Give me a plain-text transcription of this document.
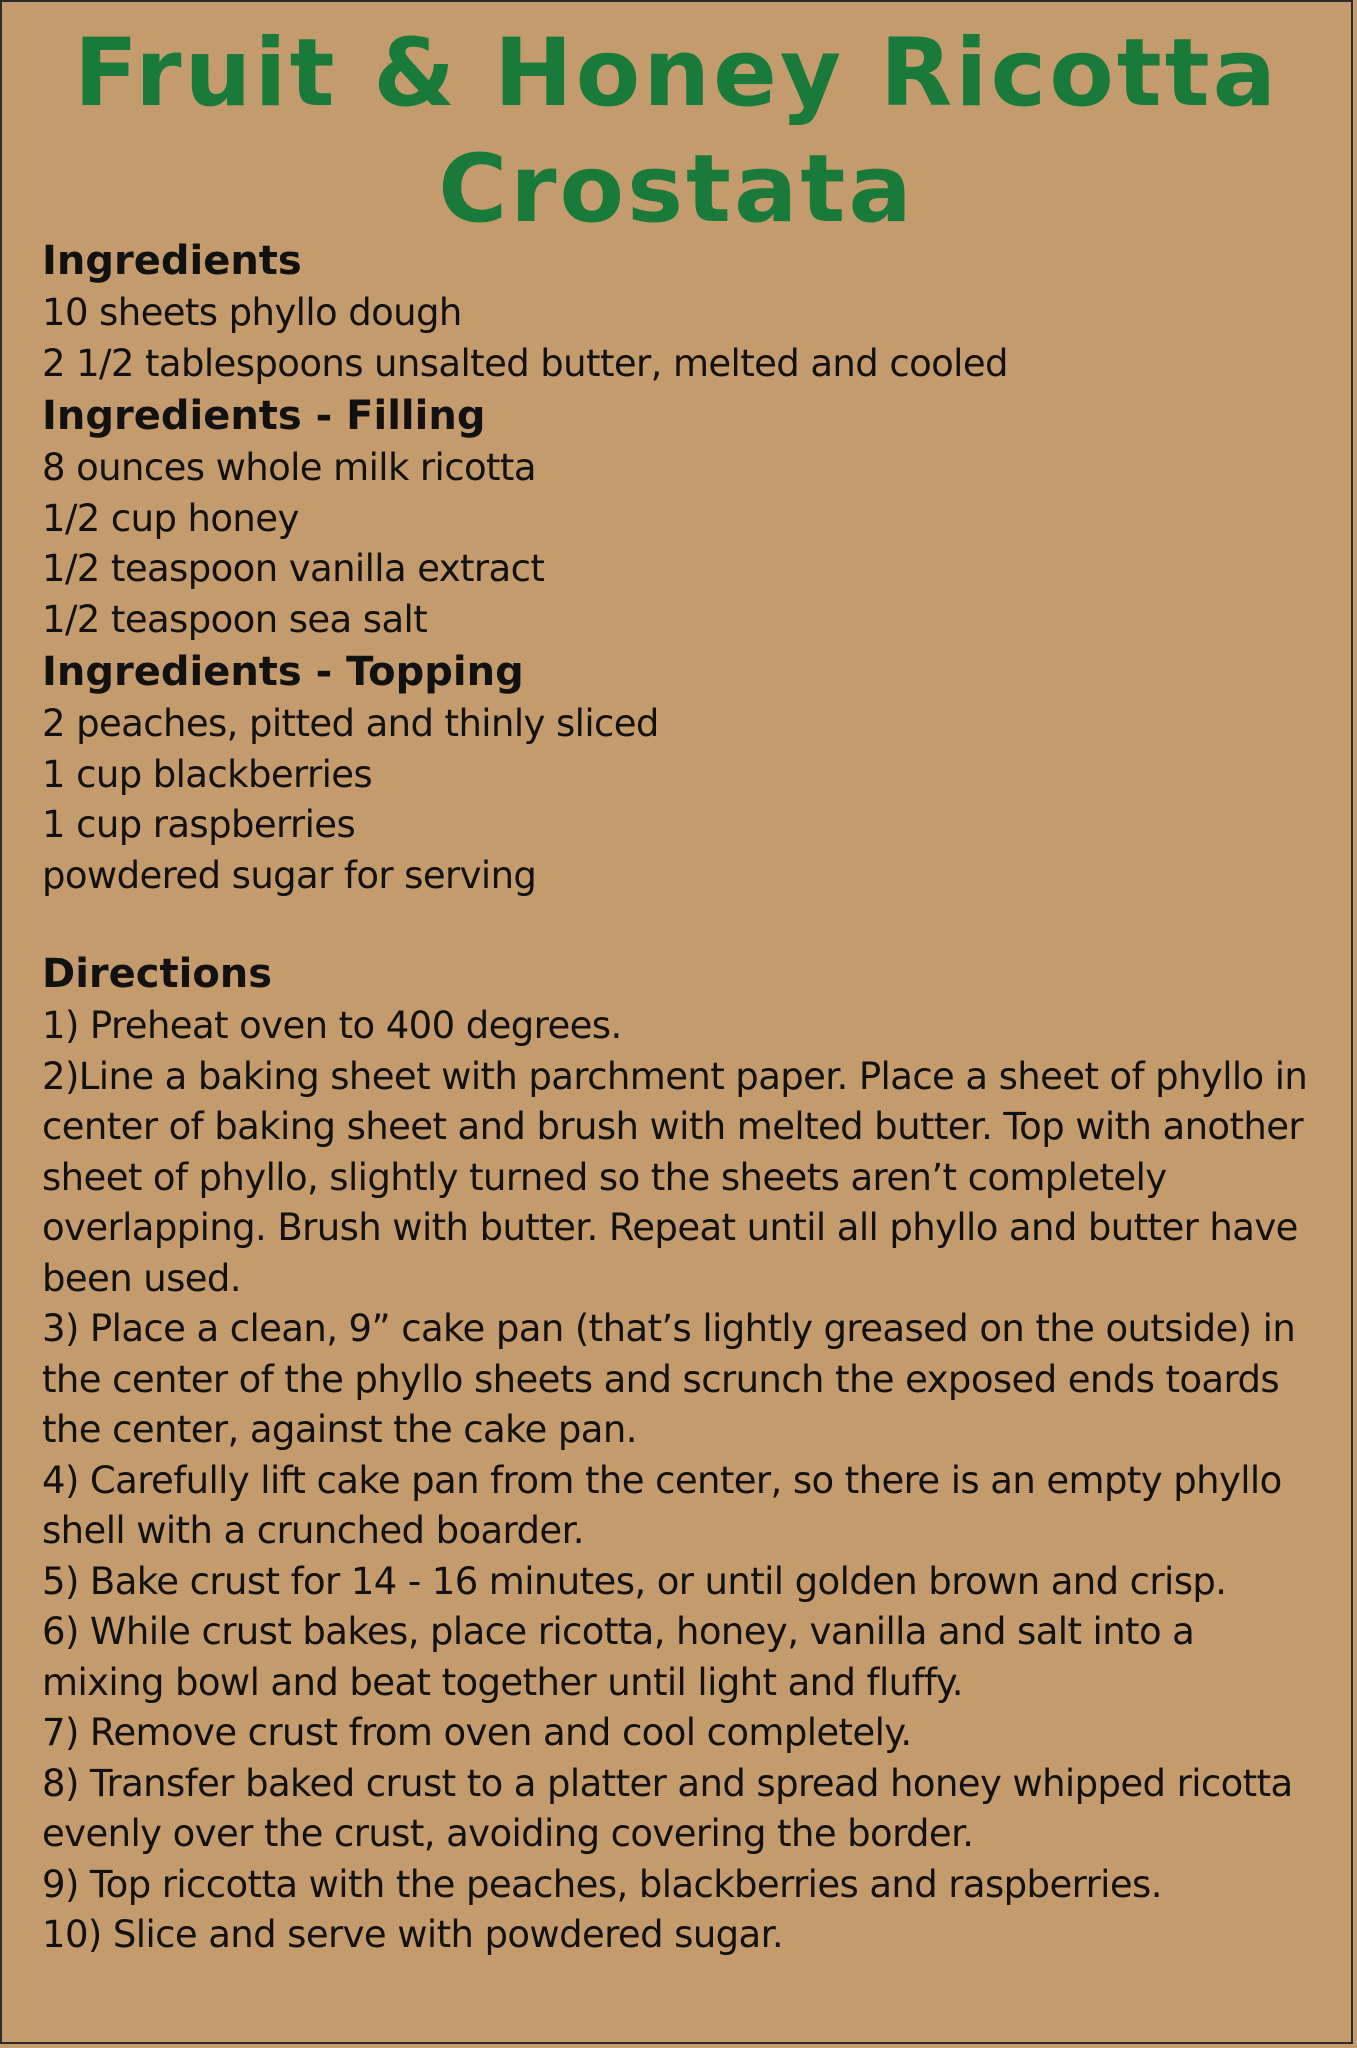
Fruit & Honey Ricotta
Crostata
Ingredients
10 sheets phyllo dough
2 1/2 tablespoons unsalted butter, melted and cooled
Ingredients - Filling
8 ounces whole milk ricotta
1/2 cup honey
1/2 teaspoon vanilla extract
1/2 teaspoon sea salt
Ingredients - Topping
2 peaches, pitted and thinly sliced
1 cup blackberries
1 cup raspberries
powdered sugar for serving
Directions
1) Preheat oven to 400 degrees.
2)Line a baking sheet with parchment paper. Place a sheet of phyllo in center of baking sheet and brush with melted butter. Top with another sheet of phyllo, slightly turned so the sheets aren’t completely overlapping. Brush with butter. Repeat until all phyllo and butter have been used.
3) Place a clean, 9” cake pan (that’s lightly greased on the outside) in the center of the phyllo sheets and scrunch the exposed ends toards the center, against the cake pan.
4) Carefully lift cake pan from the center, so there is an empty phyllo shell with a crunched boarder.
5) Bake crust for 14 - 16 minutes, or until golden brown and crisp.
6) While crust bakes, place ricotta, honey, vanilla and salt into a mixing bowl and beat together until light and fluffy.
7) Remove crust from oven and cool completely.
8) Transfer baked crust to a platter and spread honey whipped ricotta evenly over the crust, avoiding covering the border.
9) Top riccotta with the peaches, blackberries and raspberries.
10) Slice and serve with powdered sugar.
